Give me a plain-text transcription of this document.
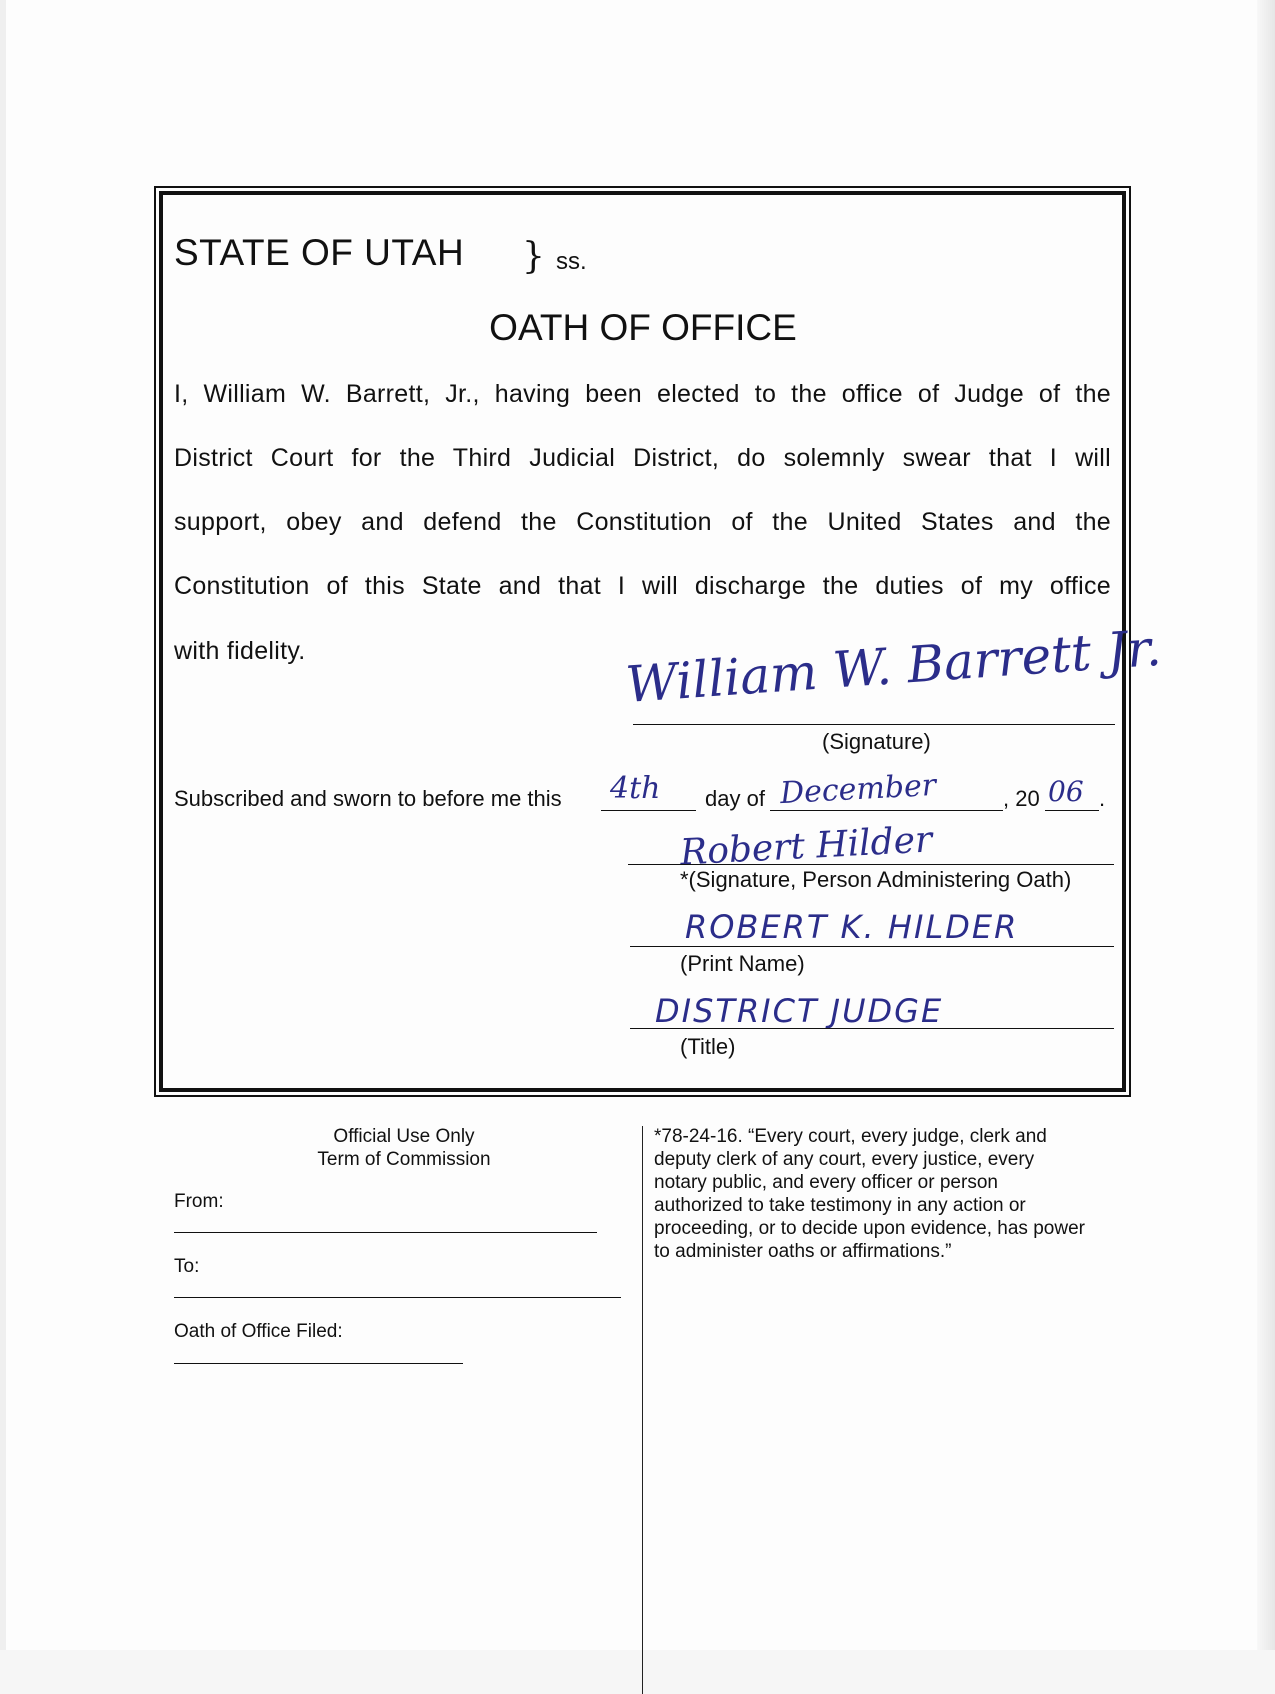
STATE OF UTAH } ss.
OATH OF OFFICE
I, William W. Barrett, Jr., having been elected to the office of Judge of the
District Court for the Third Judicial District, do solemnly swear that I will
support, obey and defend the Constitution of the United States and the
Constitution of this State and that I will discharge the duties of my office
with fidelity.	William W. Barrett Jr.
(Signature)
Subscribed and sworn to before me this 4th day of December	, 20 06 .
Robert Hilder
*(Signature, Person Administering Oath)
ROBERT K. HILDER
(Print Name)
DISTRICT JUDGE
(Title)
Official Use Only
Term of Commission
From:
To:
Oath of Office Filed:
*78-24-16. “Every court, every judge, clerk and
deputy clerk of any court, every justice, every
notary public, and every officer or person
authorized to take testimony in any action or
proceeding, or to decide upon evidence, has power
to administer oaths or affirmations.”
